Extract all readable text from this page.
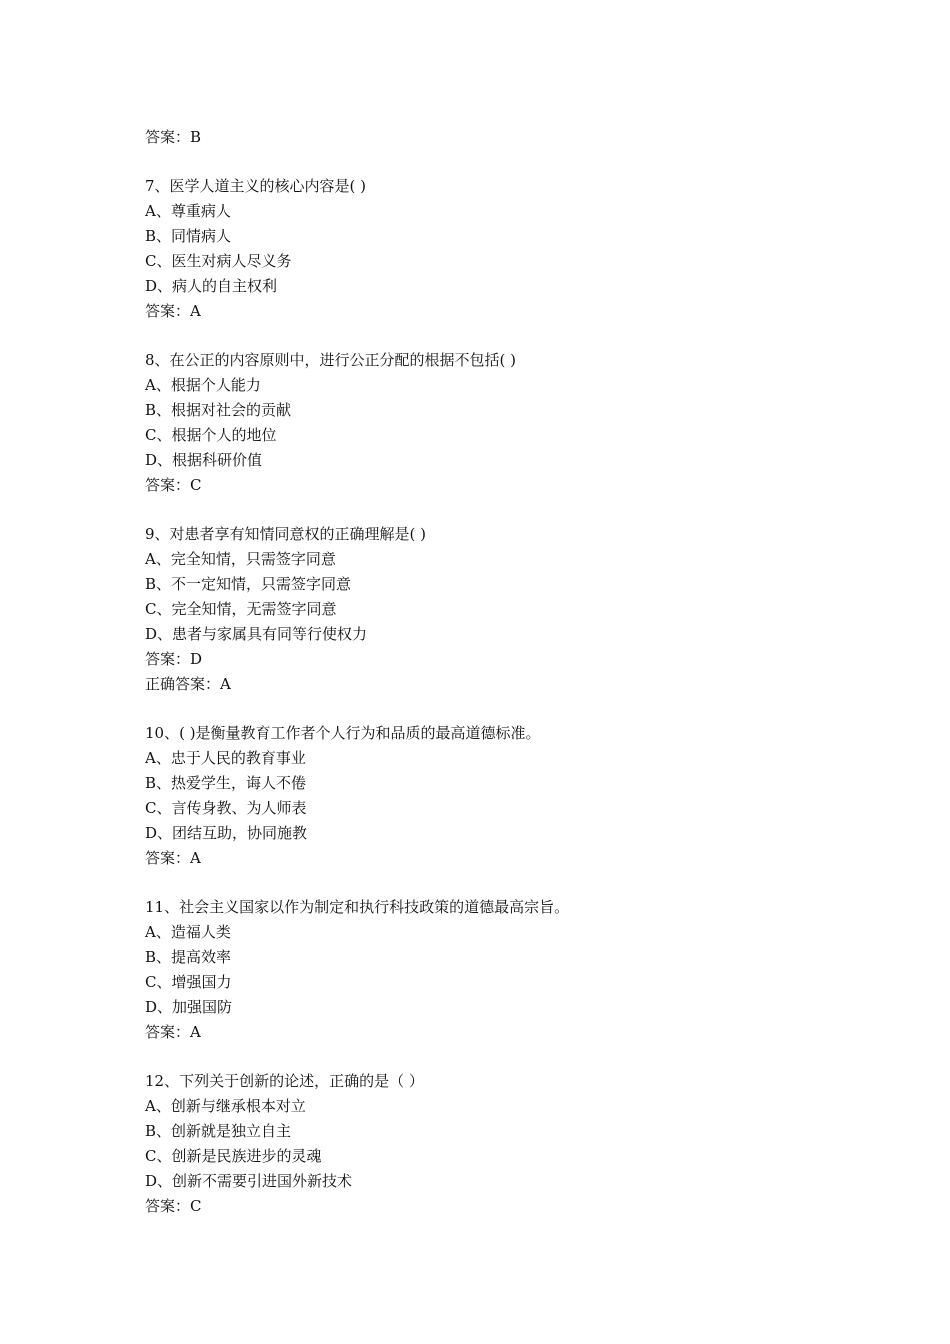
答案：B
7、医学人道主义的核心内容是( )
A、尊重病人
B、同情病人
C、医生对病人尽义务
D、病人的自主权利
答案：A
8、在公正的内容原则中，进行公正分配的根据不包括( )
A、根据个人能力
B、根据对社会的贡献
C、根据个人的地位
D、根据科研价值
答案：C
9、对患者享有知情同意权的正确理解是( )
A、完全知情，只需签字同意
B、不一定知情，只需签字同意
C、完全知情，无需签字同意
D、患者与家属具有同等行使权力
答案：D
正确答案：A
10、( )是衡量教育工作者个人行为和品质的最高道德标准。
A、忠于人民的教育事业
B、热爱学生，诲人不倦
C、言传身教、为人师表
D、团结互助，协同施教
答案：A
11、社会主义国家以作为制定和执行科技政策的道德最高宗旨。
A、造福人类
B、提高效率
C、增强国力
D、加强国防
答案：A
12、下列关于创新的论述，正确的是（ ）
A、创新与继承根本对立
B、创新就是独立自主
C、创新是民族进步的灵魂
D、创新不需要引进国外新技术
答案：C
